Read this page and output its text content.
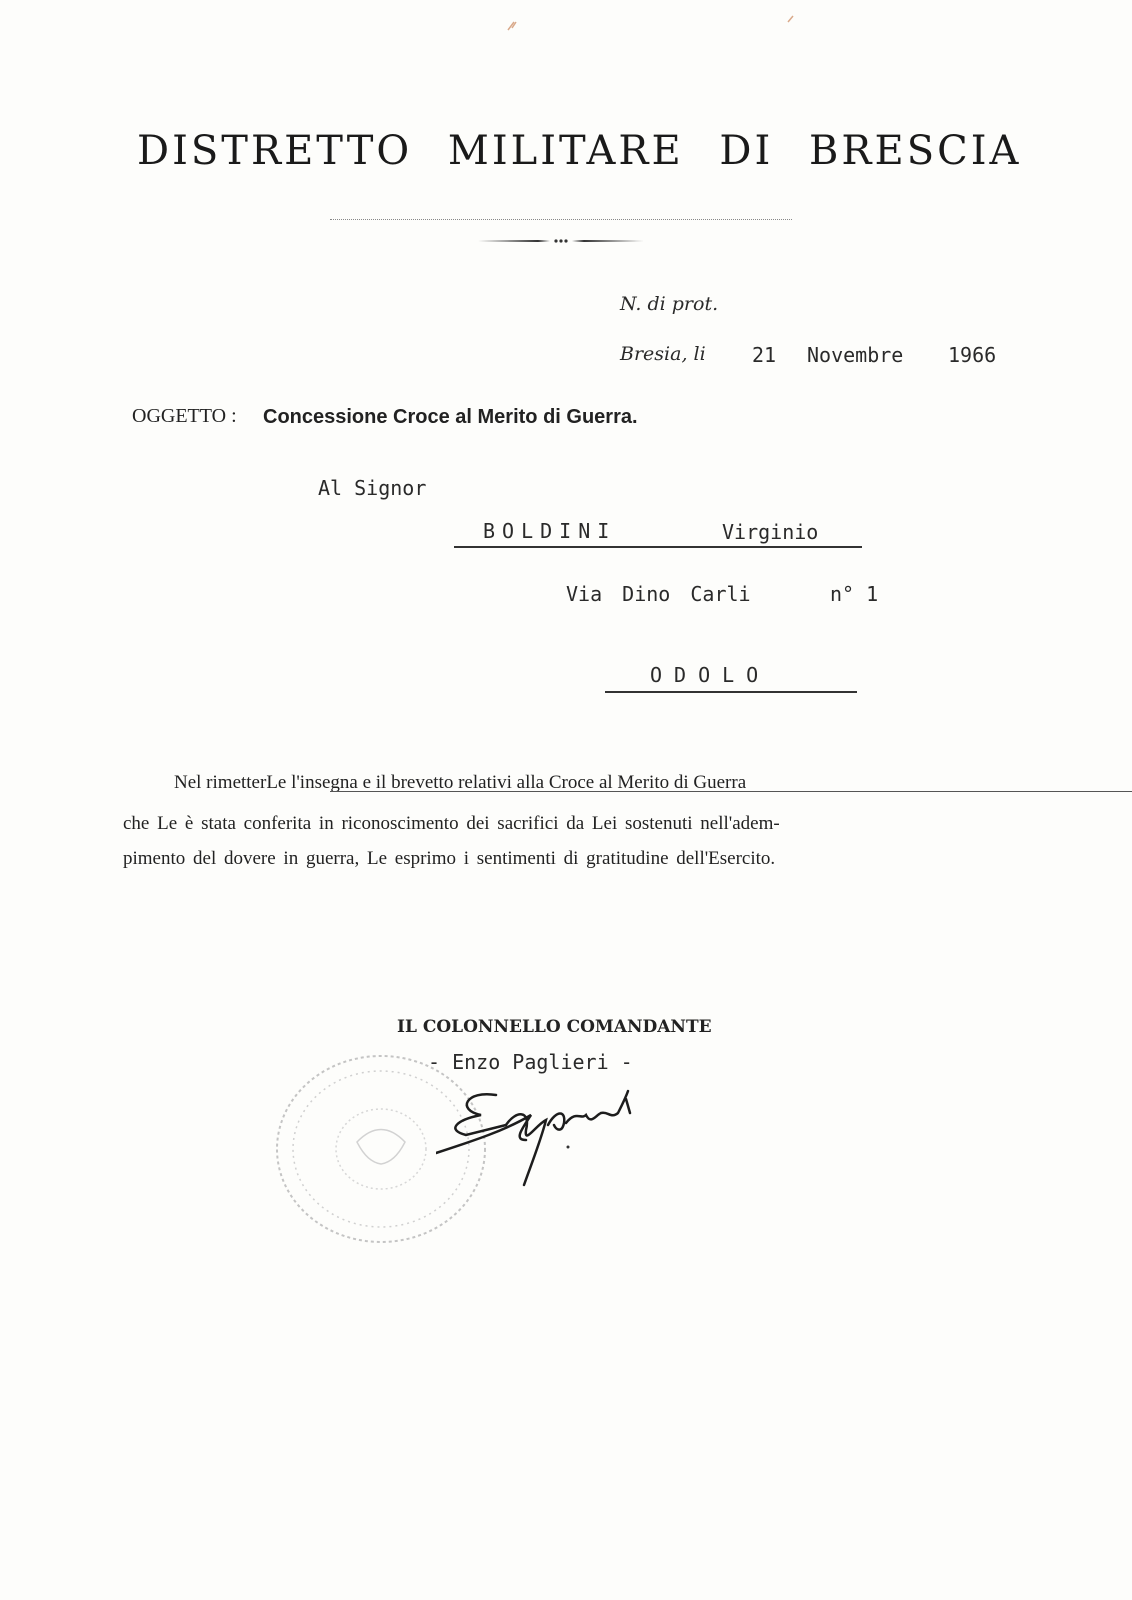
DISTRETTO MILITARE DI BRESCIA
N. di prot.
Bresia, li 21 Novembre 1966
OGGETTO : Concessione Croce al Merito di Guerra.
Al Signor
BOLDINI	Virginio
Via Dino Carli	n° 1
ODOLO
Nel rimetterLe l'insegna e il brevetto relativi alla Croce al Merito di Guerra
che Le è stata conferita in riconoscimento dei sacrifici da Lei sostenuti nell'adem-
pimento del dovere in guerra, Le esprimo i sentimenti di gratitudine dell'Esercito.
IL COLONNELLO COMANDANTE
- Enzo Paglieri -
